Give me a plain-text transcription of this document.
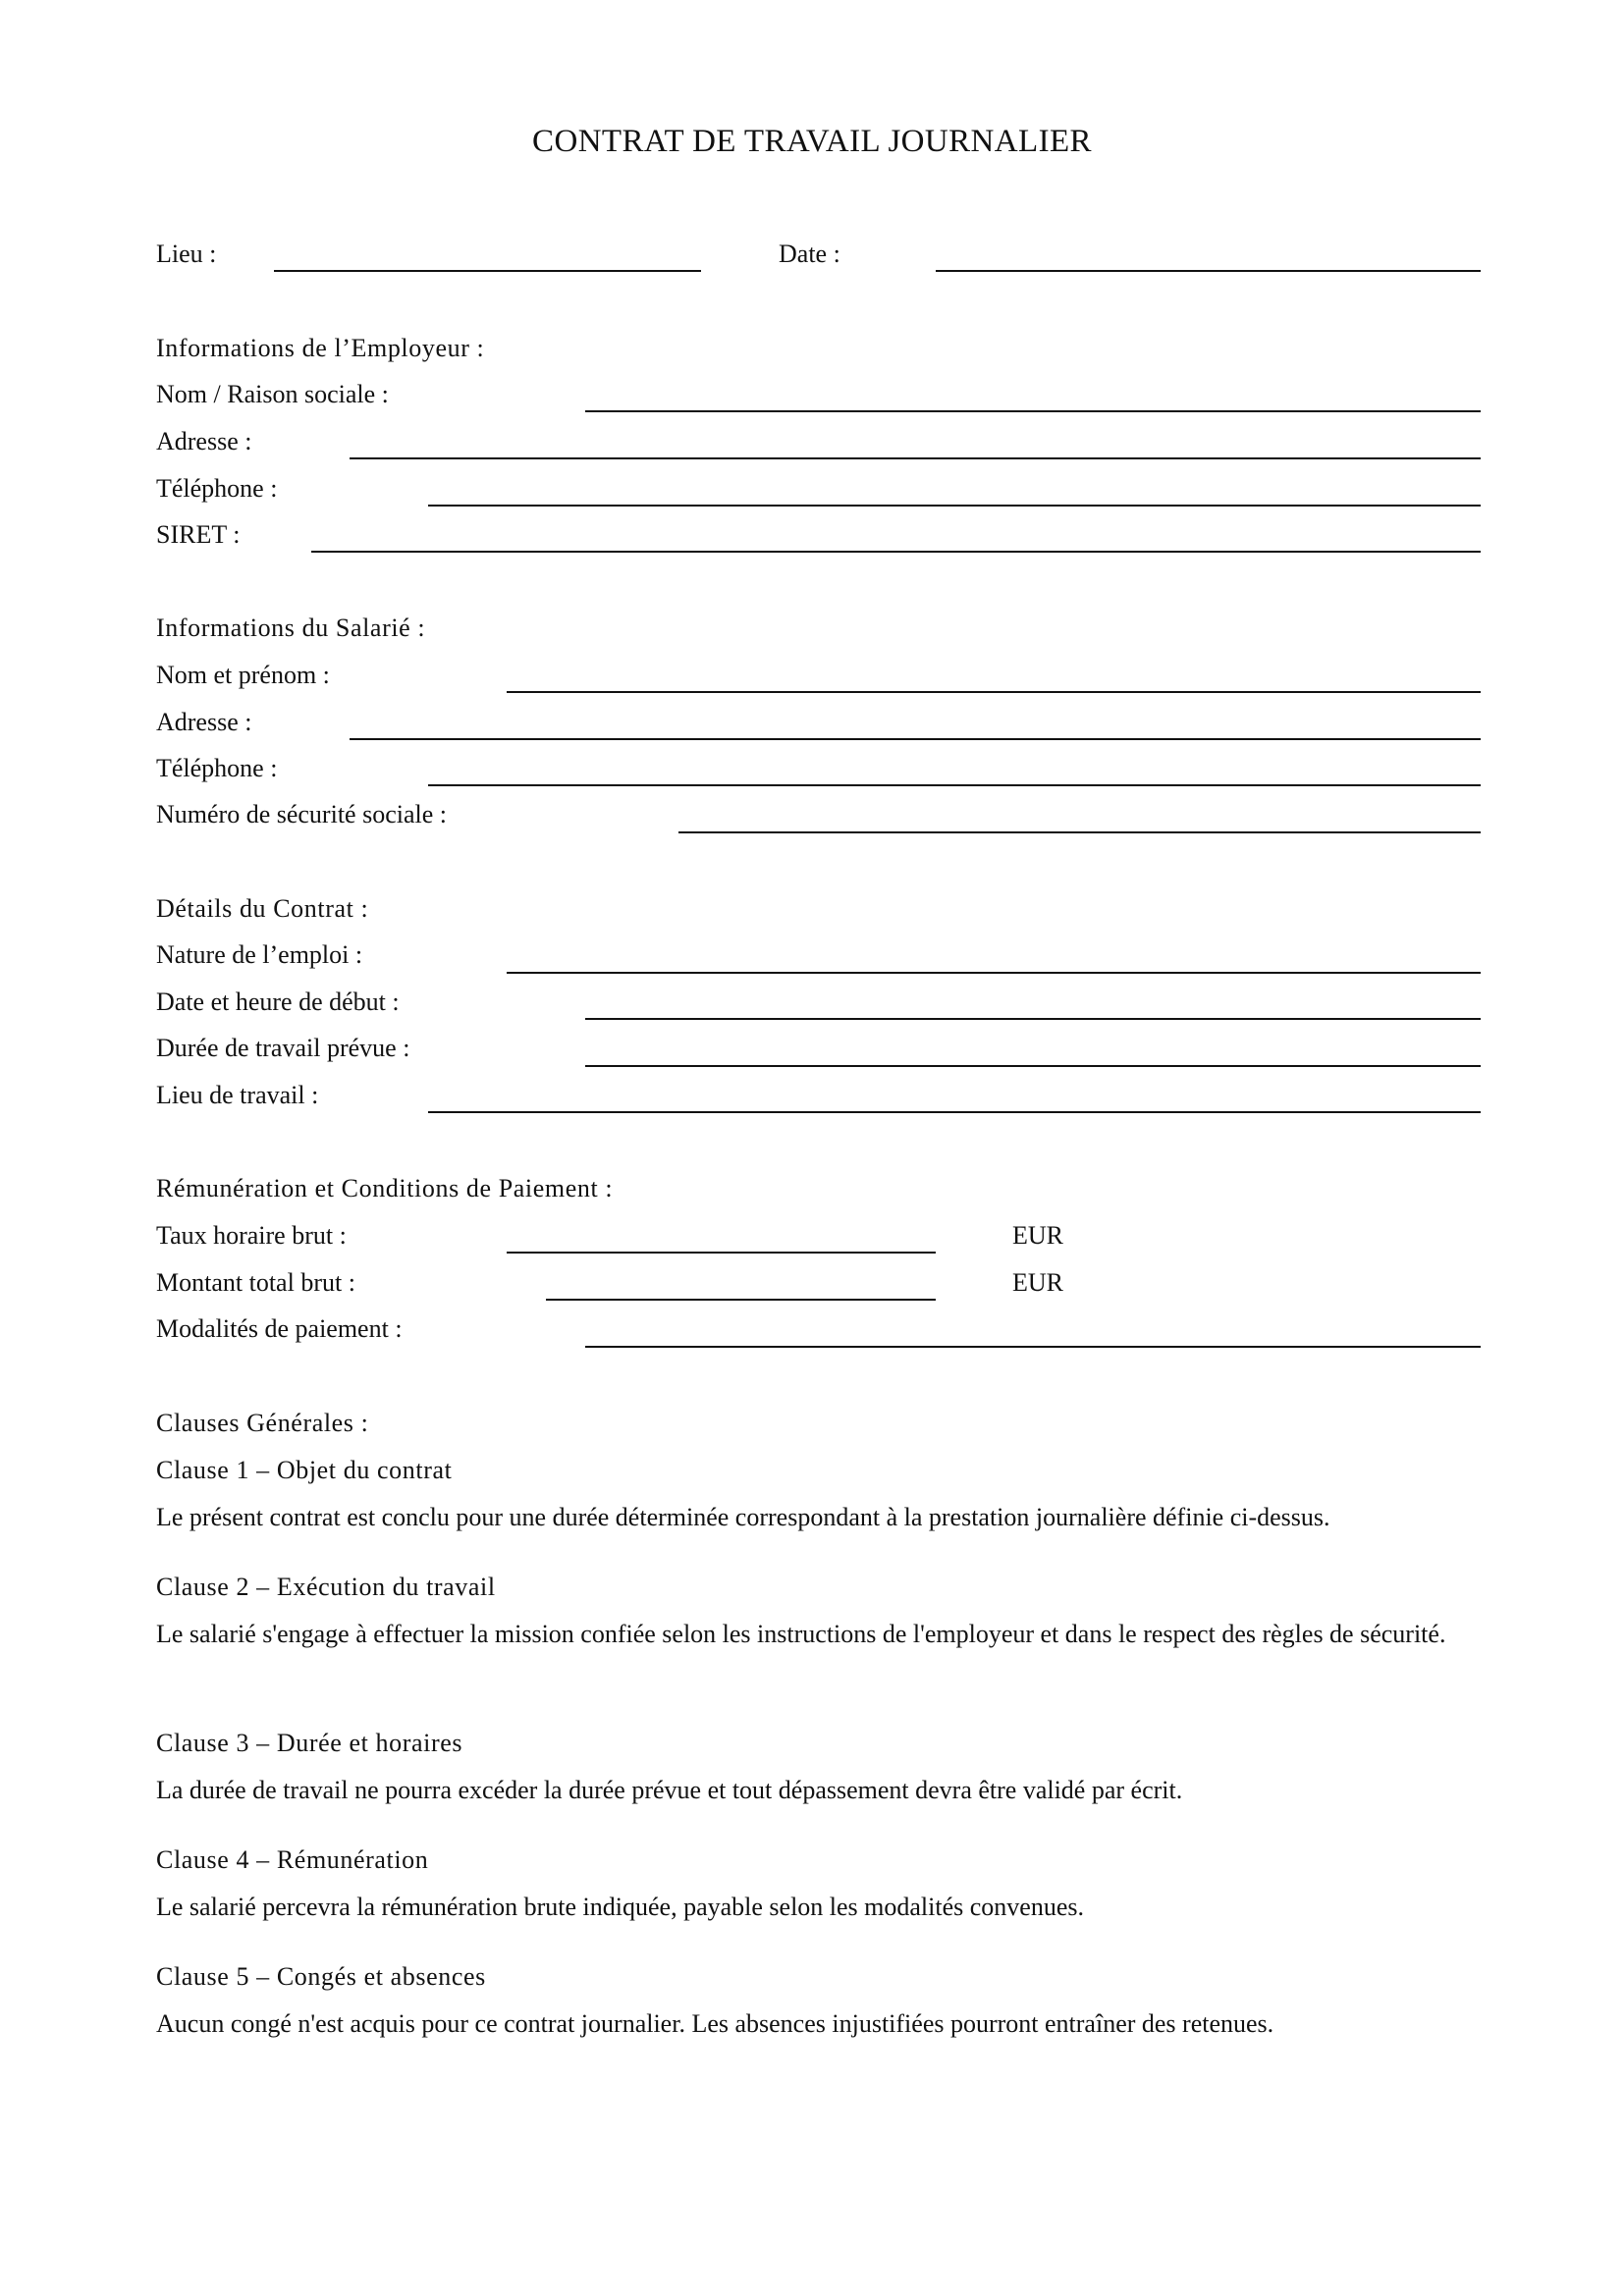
CONTRAT DE TRAVAIL JOURNALIER
Lieu :	Date :
Informations de l’Employeur :
Nom / Raison sociale :
Adresse :
Téléphone :
SIRET :
Informations du Salarié :
Nom et prénom :
Adresse :
Téléphone :
Numéro de sécurité sociale :
Détails du Contrat :
Nature de l’emploi :
Date et heure de début :
Durée de travail prévue :
Lieu de travail :
Rémunération et Conditions de Paiement :
Taux horaire brut :	EUR
Montant total brut :	EUR
Modalités de paiement :
Clauses Générales :
Clause 1 – Objet du contrat
Le présent contrat est conclu pour une durée déterminée correspondant à la prestation journalière définie ci-dessus.
Clause 2 – Exécution du travail
Le salarié s'engage à effectuer la mission confiée selon les instructions de l'employeur et dans le respect des règles de sécurité.
Clause 3 – Durée et horaires
La durée de travail ne pourra excéder la durée prévue et tout dépassement devra être validé par écrit.
Clause 4 – Rémunération
Le salarié percevra la rémunération brute indiquée, payable selon les modalités convenues.
Clause 5 – Congés et absences
Aucun congé n'est acquis pour ce contrat journalier. Les absences injustifiées pourront entraîner des retenues.
